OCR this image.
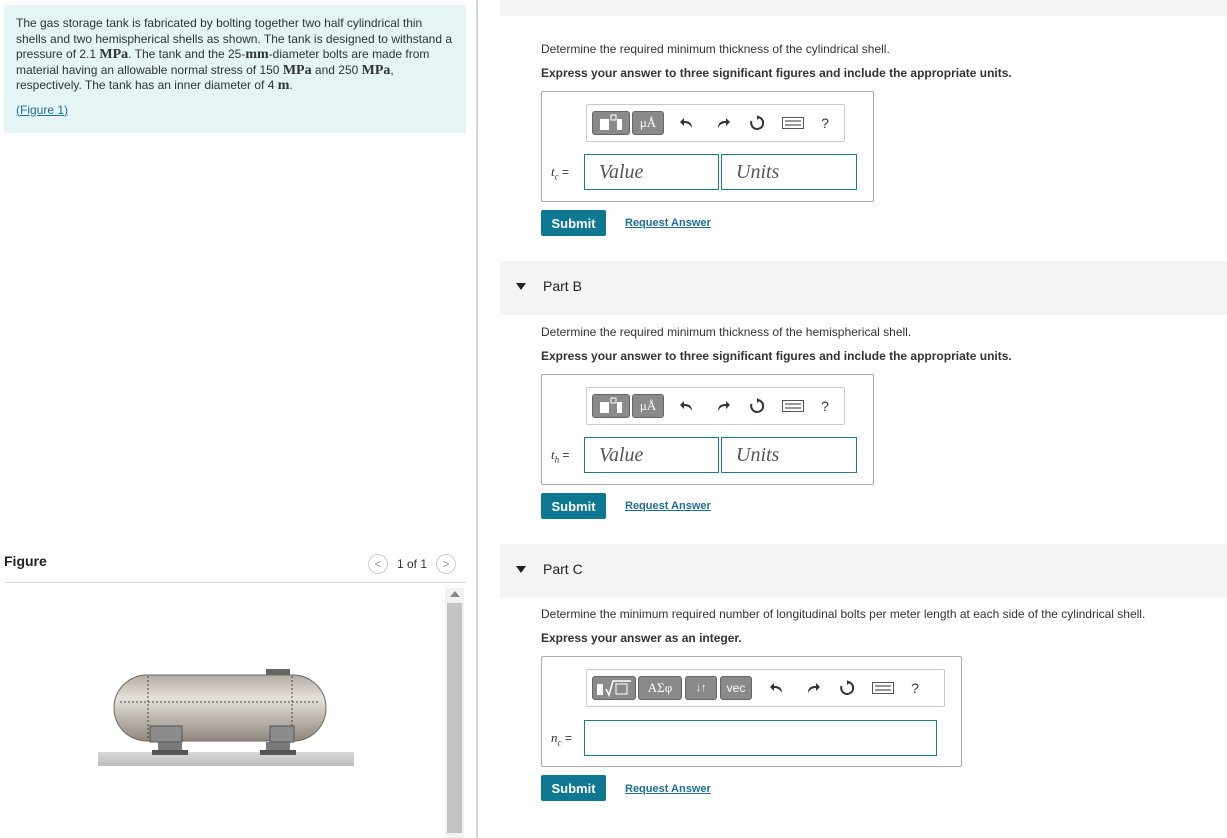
The gas storage tank is fabricated by bolting together two half cylindrical thin shells and two hemispherical shells as shown. The tank is designed to withstand a pressure of 2.1 MPa. The tank and the 25-mm-diameter bolts are made from material having an allowable normal stress of 150 MPa and 250 MPa, respectively. The tank has an inner diameter of 4 m.
(Figure 1)
Figure	<	1 of 1	>
Determine the required minimum thickness of the cylindrical shell.
Express your answer to three significant figures and include the appropriate units.
μÅ	?
$t_c$ =	Value	Units
Submit	Request Answer
Part B
Determine the required minimum thickness of the hemispherical shell.
Express your answer to three significant figures and include the appropriate units.
μÅ	?
$t_h$ =	Value	Units
Submit	Request Answer
Part C
Determine the minimum required number of longitudinal bolts per meter length at each side of the cylindrical shell.
Express your answer as an integer.
ΑΣφ	↓↑	vec	?
$n_c$ =
Submit	Request Answer
